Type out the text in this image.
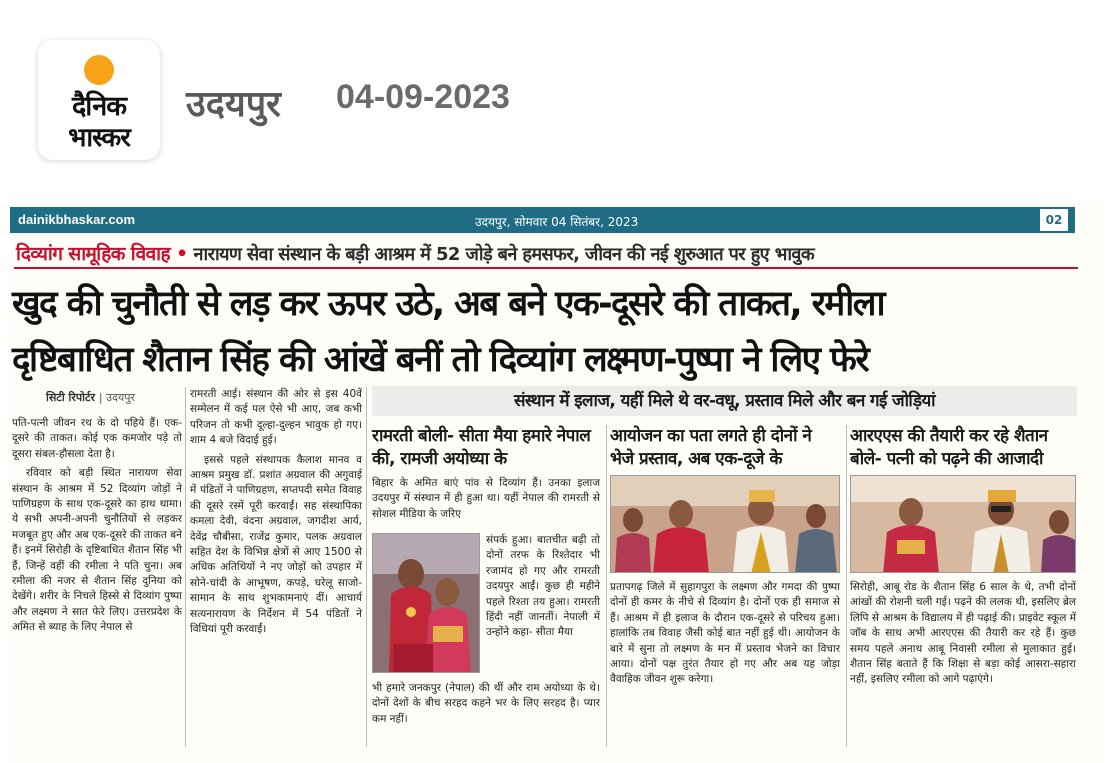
दैनिक
भास्कर
उदयपुर 04-09-2023
dainikbhaskar.com	उदयपुर, सोमवार 04 सितंबर, 2023	02
दिव्यांग सामूहिक विवाह • नारायण सेवा संस्थान के बड़ी आश्रम में 52 जोड़े बने हमसफर, जीवन की नई शुरुआत पर हुए भावुक
खुद की चुनौती से लड़ कर ऊपर उठे, अब बने एक-दूसरे की ताकत, रमीला
दृष्टिबाधित शैतान सिंह की आंखें बनीं तो दिव्यांग लक्ष्मण-पुष्पा ने लिए फेरे
सिटी रिपोर्टर | उदयपुर

पति-पत्नी जीवन रथ के दो पहिये हैं। एक-दूसरे की ताकत। कोई एक कमजोर पड़े तो दूसरा संबल-हौसला देता है।

रविवार को बड़ी स्थित नारायण सेवा संस्थान के आश्रम में 52 दिव्यांग जोड़ों ने पाणिग्रहण के साथ एक-दूसरे का हाथ थामा। ये सभी अपनी-अपनी चुनौतियों से लड़कर मजबूत हुए और अब एक-दूसरे की ताकत बने हैं। इनमें सिरोही के दृष्टिबाधित शैतान सिंह भी हैं, जिन्हें वहीं की रमीला ने पति चुना। अब रमीला की नजर से शैतान सिंह दुनिया को देखेंगे। शरीर के निचले हिस्से से दिव्यांग पुष्पा और लक्ष्मण ने सात फेरे लिए। उत्तरप्रदेश के अमित से ब्याह के लिए नेपाल से

रामरती आई। संस्थान की ओर से इस 40वें सम्मेलन में कई पल ऐसे भी आए, जब कभी परिजन तो कभी दूल्हा-दुल्हन भावुक हो गए। शाम 4 बजे विदाई हुई।

इससे पहले संस्थापक कैलाश मानव व आश्रम प्रमुख डॉ. प्रशांत अग्रवाल की अगुवाई में पंडितों ने पाणिग्रहण, सप्तपदी समेत विवाह की दूसरे रस्में पूरी करवाईं। सह संस्थापिका कमला देवी, वंदना अग्रवाल, जगदीश आर्य, देवेंद्र चौबीसा, राजेंद्र कुमार, पलक अग्रवाल सहित देश के विभिन्न क्षेत्रों से आए 1500 से अधिक अतिथियों ने नए जोड़ों को उपहार में सोने-चांदी के आभूषण, कपड़े, घरेलू साजो-सामान के साथ शुभकामनाएं दीं। आचार्य सत्यनारायण के निर्देशन में 54 पंडितों ने विधियां पूरी करवाईं।

संस्थान में इलाज, यहीं मिले थे वर-वधू, प्रस्ताव मिले और बन गई जोड़ियां
रामरती बोली- सीता मैया हमारे नेपाल की, रामजी अयोध्या के
बिहार के अमित बाएं पांव से दिव्यांग हैं। उनका इलाज उदयपुर में संस्थान में ही हुआ था। यहीं नेपाल की रामरती से सोशल मीडिया के जरिए
संपर्क हुआ। बातचीत बढ़ी तो दोनों तरफ के रिश्तेदार भी रजामंद हो गए और रामरती उदयपुर आईं। कुछ ही महीने पहले रिश्ता तय हुआ। रामरती हिंदी नहीं जानतीं। नेपाली में उन्होंने कहा- सीता मैया
भी हमारे जनकपुर (नेपाल) की थीं और राम अयोध्या के थे। दोनों देशों के बीच सरहद कहने भर के लिए सरहद है। प्यार कम नहीं।
आयोजन का पता लगते ही दोनों ने भेजे प्रस्ताव, अब एक-दूजे के
प्रतापगढ़ जिले में सुहागपुरा के लक्ष्मण और गमदा की पुष्पा दोनों ही कमर के नीचे से दिव्यांग है। दोनों एक ही समाज से हैं। आश्रम में ही इलाज के दौरान एक-दूसरे से परिचय हुआ। हालांकि तब विवाह जैसी कोई बात नहीं हुई थी। आयोजन के बारे में सुना तो लक्ष्मण के मन में प्रस्ताव भेजने का विचार आया। दोनों पक्ष तुरंत तैयार हो गए और अब यह जोड़ा वैवाहिक जीवन शुरू करेगा।
आरएएस की तैयारी कर रहे शैतान बोले- पत्नी को पढ़ने की आजादी
सिरोही, आबू रोड के शैतान सिंह 6 साल के थे, तभी दोनों आंखों की रोशनी चली गई। पढ़ने की ललक थी, इसलिए ब्रेल लिपि से आश्रम के विद्यालय में ही पढ़ाई की। प्राइवेट स्कूल में जॉब के साथ अभी आरएएस की तैयारी कर रहे हैं। कुछ समय पहले अनाथ आबू निवासी रमीला से मुलाकात हुई। शैतान सिंह बताते हैं कि शिक्षा से बड़ा कोई आसरा-सहारा नहीं, इसलिए रमीला को आगे पढ़ाएंगे।
